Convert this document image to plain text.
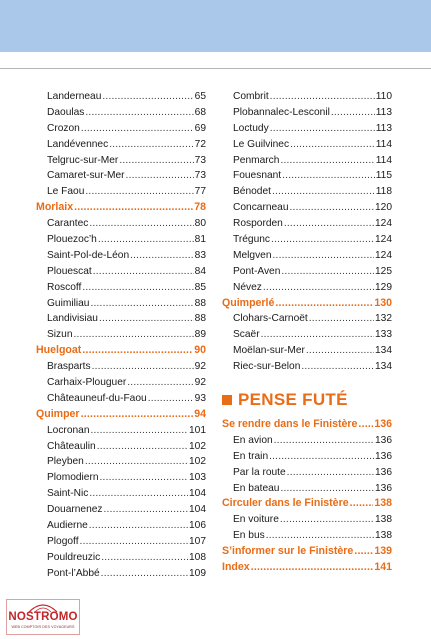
Landerneau .....	65
Daoulas .....	68
Crozon .....	69
Landévennec .....	72
Telgruc-sur-Mer .....	73
Camaret-sur-Mer .....	73
Le Faou .....	77
Morlaix .....	78
Carantec .....	80
Plouezoc’h .....	81
Saint-Pol-de-Léon .....	83
Plouescat .....	84
Roscoff .....	85
Guimiliau .....	88
Landivisiau .....	88
Sizun .....	89
Huelgoat .....	90
Brasparts .....	92
Carhaix-Plouguer .....	92
Châteauneuf-du-Faou .....	93
Quimper .....	94
Locronan .....	101
Châteaulin .....	102
Pleyben .....	102
Plomodiern .....	103
Saint-Nic .....	104
Douarnenez .....	104
Audierne .....	106
Plogoff .....	107
Pouldreuzic .....	108
Pont-l’Abbé .....	109
Combrit .....	110
Plobannalec-Lesconil .....	113
Loctudy .....	113
Le Guilvinec .....	114
Penmarch .....	114
Fouesnant .....	115
Bénodet .....	118
Concarneau .....	120
Rosporden .....	124
Trégunc .....	124
Melgven .....	124
Pont-Aven .....	125
Névez .....	129
Quimperlé .....	130
Clohars-Carnoët .....	132
Scaër .....	133
Moëlan-sur-Mer .....	134
Riec-sur-Belon .....	134
PENSE FUTÉ
Se rendre dans le Finistère ..... 136
En avion .....	136
En train .....	136
Par la route .....	136
En bateau .....	136
Circuler dans le Finistère ..... 138
En voiture .....	138
En bus .....	138
S’informer sur le Finistère ..... 139
Index .....	141
NOSTROMO
WEB COMPTOIR DES VOYAGEURS
